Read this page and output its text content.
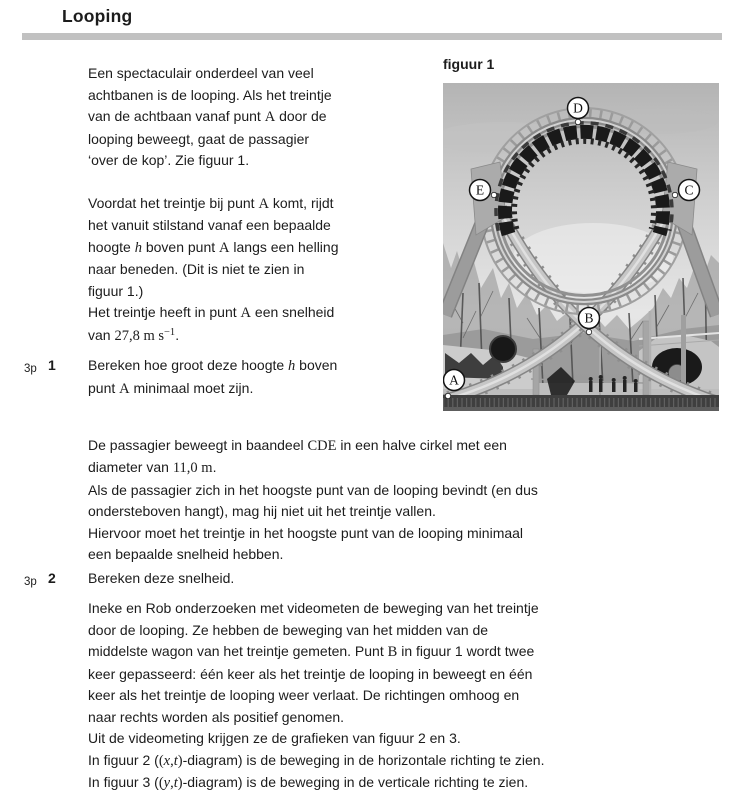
Looping

Een spectaculair onderdeel van veel
achtbanen is de looping. Als het treintje
van de achtbaan vanaf punt A door de
looping beweegt, gaat de passagier
‘over de kop’. Zie figuur 1.

Voordat het treintje bij punt A komt, rijdt
het vanuit stilstand vanaf een bepaalde
hoogte h boven punt A langs een helling
naar beneden. (Dit is niet te zien in
figuur 1.)
Het treintje heeft in punt A een snelheid
van 27,8 m $s^{-1}$.

3p 1 Bereken hoe groot deze hoogte h boven
punt A minimaal moet zijn.

figuur 1
D
E	C
B
A

De passagier beweegt in baandeel CDE in een halve cirkel met een
diameter van 11,0 m.
Als de passagier zich in het hoogste punt van de looping bevindt (en dus
ondersteboven hangt), mag hij niet uit het treintje vallen.
Hiervoor moet het treintje in het hoogste punt van de looping minimaal
een bepaalde snelheid hebben.

3p 2 Bereken deze snelheid.

Ineke en Rob onderzoeken met videometen de beweging van het treintje
door de looping. Ze hebben de beweging van het midden van de
middelste wagon van het treintje gemeten. Punt B in figuur 1 wordt twee
keer gepasseerd: één keer als het treintje de looping in beweegt en één
keer als het treintje de looping weer verlaat. De richtingen omhoog en
naar rechts worden als positief genomen.
Uit de videometing krijgen ze de grafieken van figuur 2 en 3.
In figuur 2 ((x,t)-diagram) is de beweging in de horizontale richting te zien.
In figuur 3 ((y,t)-diagram) is de beweging in de verticale richting te zien.
